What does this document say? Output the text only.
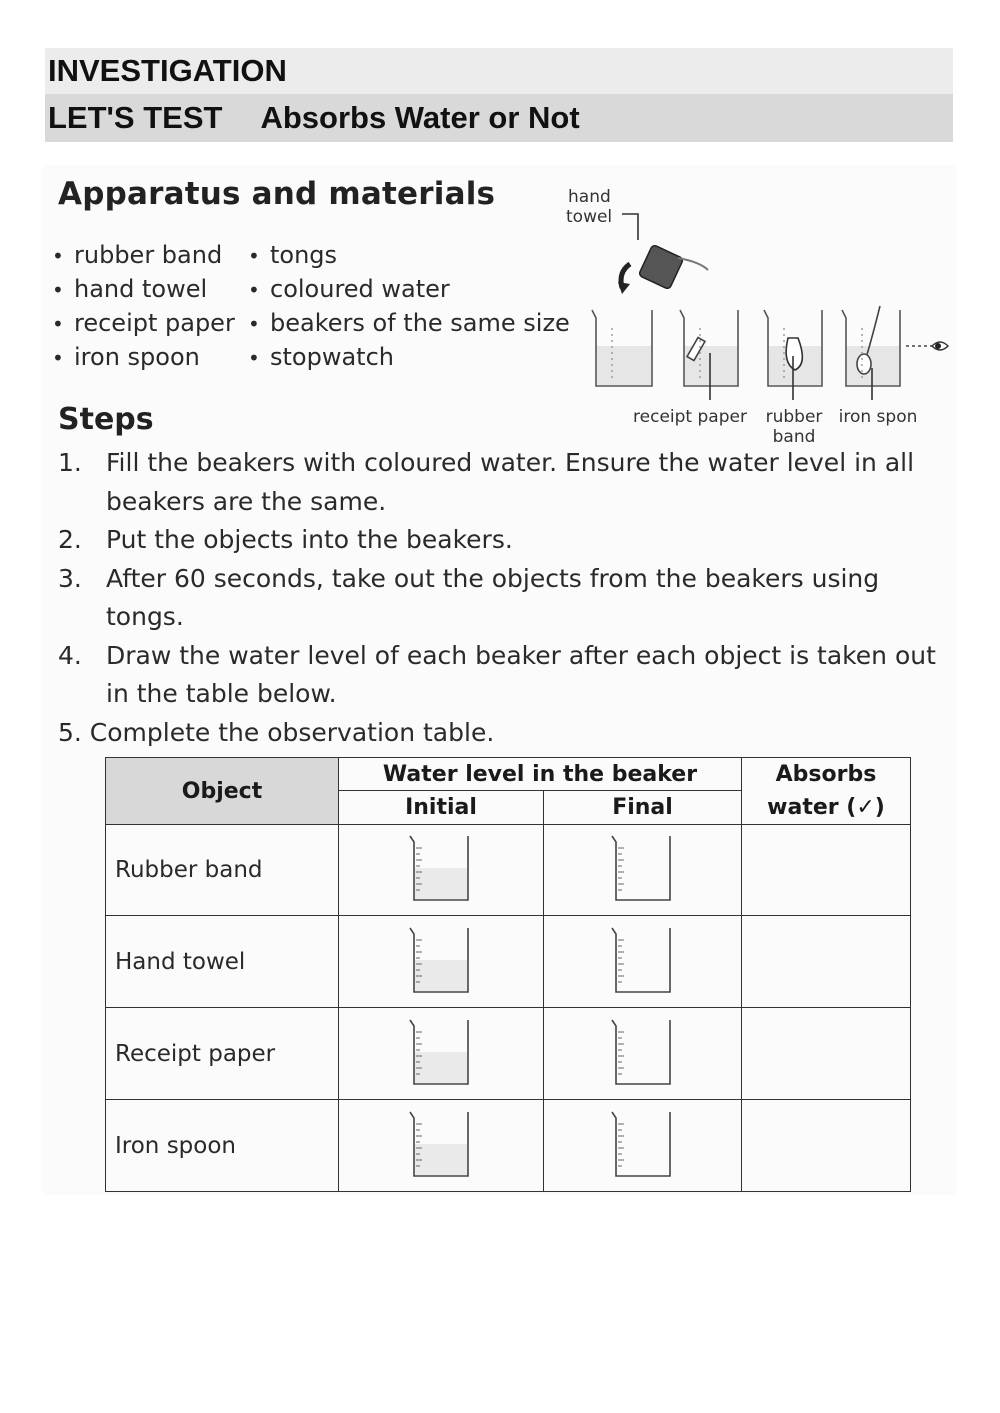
INVESTIGATION
LET'S TEST Absorbs Water or Not
Apparatus and materials
• rubber band
• hand towel
• receipt paper
• iron spoon
• tongs
• coloured water
• beakers of the same size
• stopwatch
hand
towel
receipt paper rubber
band
iron spon
Steps
1. Fill the beakers with coloured water. Ensure the water level in all beakers are the same.
2. Put the objects into the beakers.
3. After 60 seconds, take out the objects from the beakers using tongs.
4. Draw the water level of each beaker after each object is taken out in the table below.
5. Complete the observation table.
Object	Water level in the beaker		Absorbs
	Initial	Final	water (✓)
Rubber band			
Hand towel			
Receipt paper			
Iron spoon			
